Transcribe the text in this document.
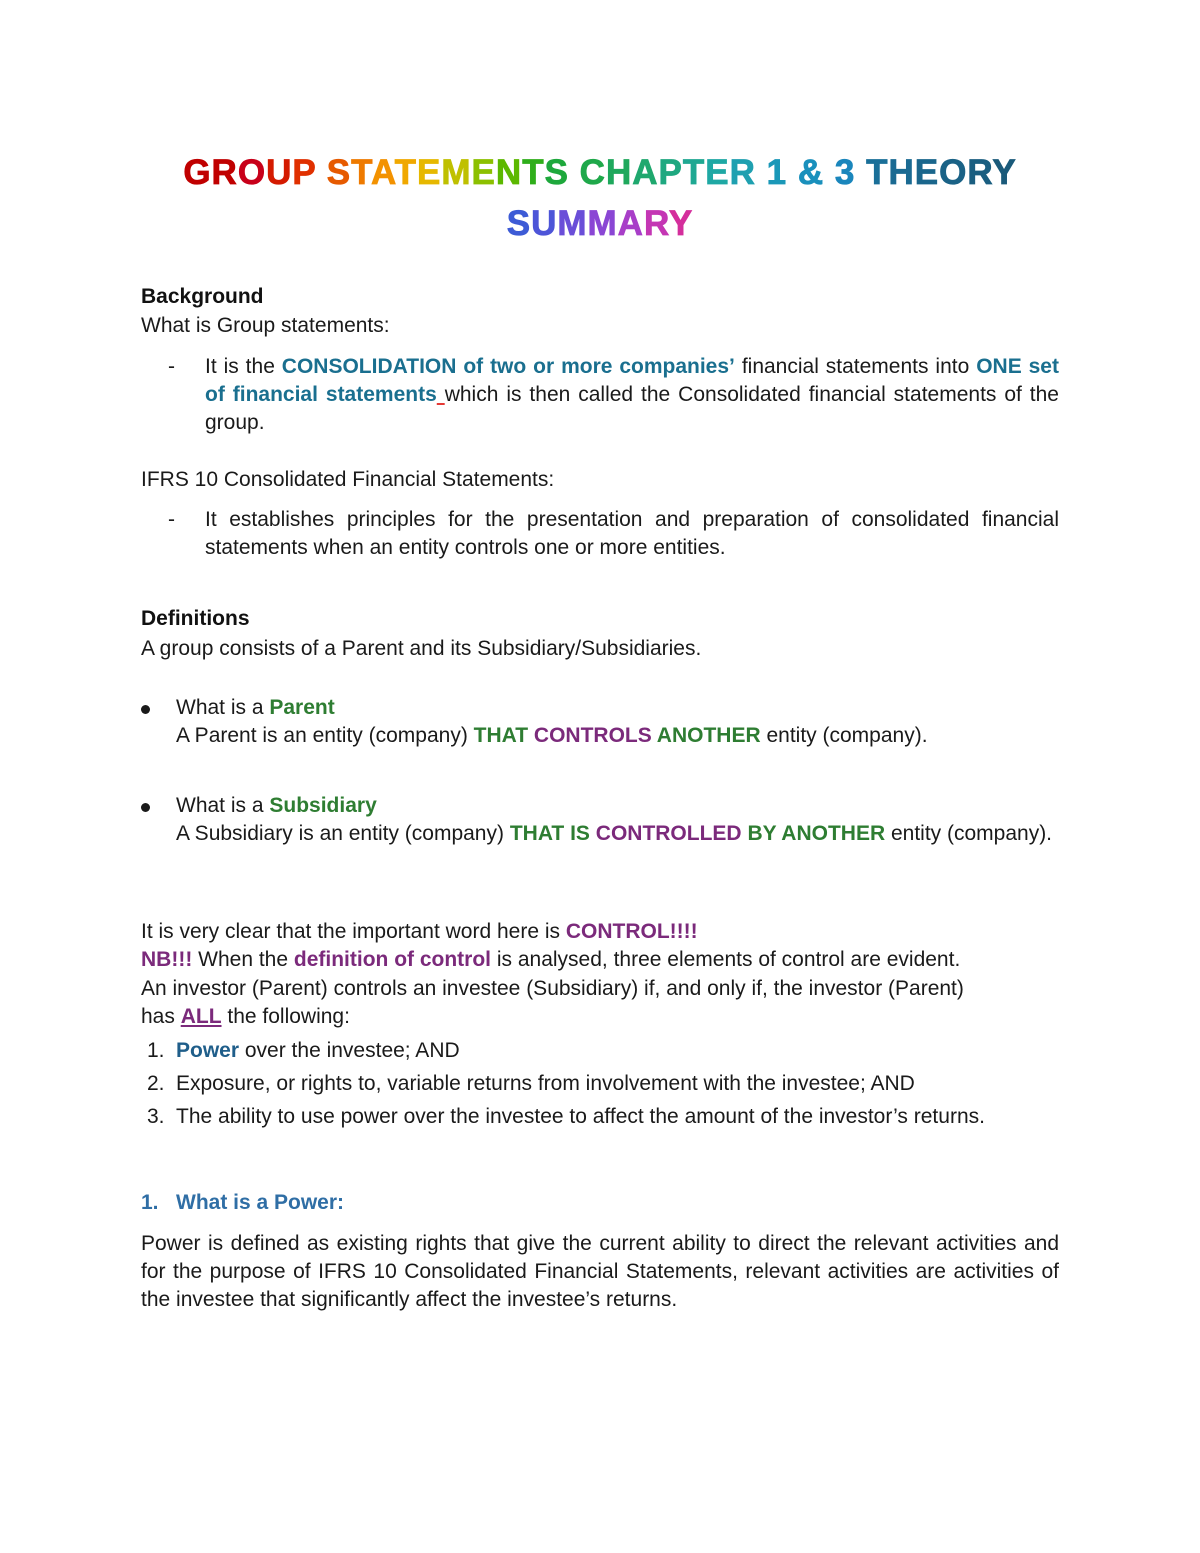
GROUP STATEMENTS CHAPTER 1 & 3 THEORY
SUMMARY
Background
What is Group statements:
- It is the CONSOLIDATION of two or more companies’ financial statements into ONE set of financial statements which is then called the Consolidated financial statements of the group.
IFRS 10 Consolidated Financial Statements:
- It establishes principles for the presentation and preparation of consolidated financial statements when an entity controls one or more entities.
Definitions
A group consists of a Parent and its Subsidiary/Subsidiaries.
What is a Parent
A Parent is an entity (company) THAT CONTROLS ANOTHER entity (company).
What is a Subsidiary
A Subsidiary is an entity (company) THAT IS CONTROLLED BY ANOTHER entity (company).
It is very clear that the important word here is CONTROL!!!!
NB!!! When the definition of control is analysed, three elements of control are evident.
An investor (Parent) controls an investee (Subsidiary) if, and only if, the investor (Parent)
has ALL the following:
1. Power over the investee; AND
2. Exposure, or rights to, variable returns from involvement with the investee; AND
3. The ability to use power over the investee to affect the amount of the investor’s returns.
1. What is a Power:
Power is defined as existing rights that give the current ability to direct the relevant activities and for the purpose of IFRS 10 Consolidated Financial Statements, relevant activities are activities of the investee that significantly affect the investee’s returns.
